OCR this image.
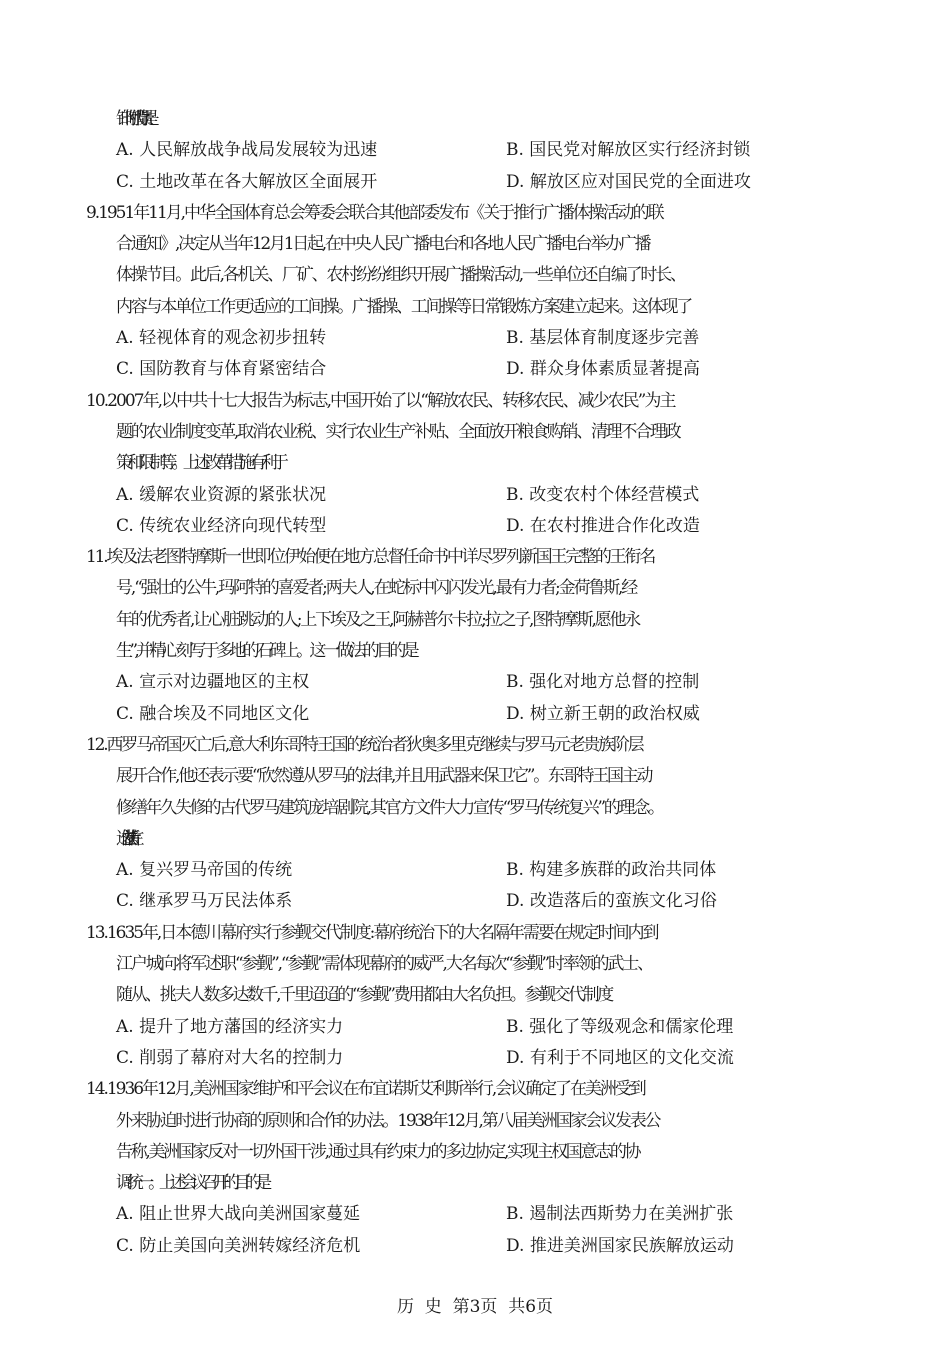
针的时代背景是
A. 人民解放战争战局发展较为迅速	B. 国民党对解放区实行经济封锁
C. 土地改革在各大解放区全面展开	D. 解放区应对国民党的全面进攻
9.1951年11月,中华全国体育总会筹委会联合其他部委发布《关于推行广播体操活动的联
合通知》,决定从当年12月1日起,在中央人民广播电台和各地人民广播电台举办广播
体操节目。此后,各机关、厂矿、农村纷纷组织开展广播操活动,一些单位还自编了时长、
内容与本单位工作更适应的工间操。广播操、工间操等日常锻炼方案建立起来。这体现了
A. 轻视体育的观念初步扭转	B. 基层体育制度逐步完善
C. 国防教育与体育紧密结合	D. 群众身体素质显著提高
10.2007年,以中共十七大报告为标志,中国开始了以“解放农民、转移农民、减少农民”为主
题的农业制度变革,取消农业税、实行农业生产补贴、全面放开粮食购销、清理不合理政
策和限制等。上述改革措施有利于
A. 缓解农业资源的紧张状况	B. 改变农村个体经营模式
C. 传统农业经济向现代转型	D. 在农村推进合作化改造
11.埃及法老图特摩斯一世即位伊始便在地方总督任命书中详尽罗列新国王完整的王衔名
号,“强壮的公牛,玛阿特的喜爱者;两夫人,在蛇标中闪闪发光,最有力者;金荷鲁斯,经
年的优秀者,让心脏跳动的人;上下埃及之王,阿赫普尔卡拉;拉之子,图特摩斯,愿他永
生”,并精心刻写于多地的石碑上。这一做法的目的是
A. 宣示对边疆地区的主权	B. 强化对地方总督的控制
C. 融合埃及不同地区文化	D. 树立新王朝的政治权威
12.西罗马帝国灭亡后,意大利东哥特王国的统治者狄奥多里克继续与罗马元老贵族阶层
展开合作,他还表示要“欣然遵从罗马的法律,并且用武器来保卫它”。东哥特王国主动
修缮年久失修的古代罗马建筑庞培剧院,其官方文件大力宣传“罗马传统复兴”的理念。
这一做法旨在
A. 复兴罗马帝国的传统	B. 构建多族群的政治共同体
C. 继承罗马万民法体系	D. 改造落后的蛮族文化习俗
13.1635年,日本德川幕府实行参觐交代制度:幕府统治下的大名隔年需要在规定时间内到
江户城向将军述职“参觐”,“参觐”需体现幕府的威严,大名每次“参觐”时率领的武士、
随从、挑夫人数多达数千,千里迢迢的“参觐”费用都由大名负担。参觐交代制度
A. 提升了地方藩国的经济实力	B. 强化了等级观念和儒家伦理
C. 削弱了幕府对大名的控制力	D. 有利于不同地区的文化交流
14.1936年12月,美洲国家维护和平会议在布宜诺斯艾利斯举行,会议确定了在美洲受到
外来胁迫时进行协商的原则和合作的办法。1938年12月,第八届美洲国家会议发表公
告称,美洲国家反对一切外国干涉,通过具有约束力的多边协定,实现主权国意志的协
调统一。上述会议召开的目的是
A. 阻止世界大战向美洲国家蔓延	B. 遏制法西斯势力在美洲扩张
C. 防止美国向美洲转嫁经济危机	D. 推进美洲国家民族解放运动
历  史  第3页  共6页
